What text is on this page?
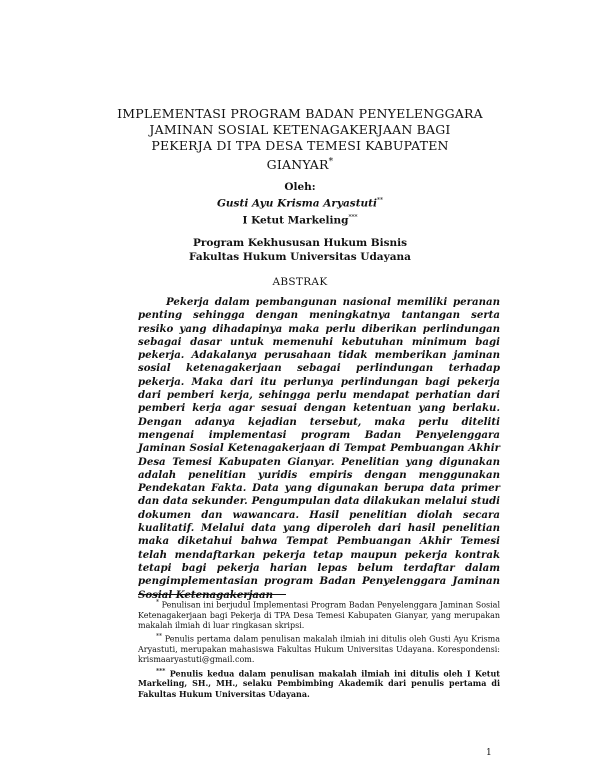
IMPLEMENTASI PROGRAM BADAN PENYELENGGARA
JAMINAN SOSIAL KETENAGAKERJAAN BAGI
PEKERJA DI TPA DESA TEMESI KABUPATEN
GIANYAR*
Oleh:
Gusti Ayu Krisma Aryastuti**
I Ketut Markeling***
Program Kekhususan Hukum Bisnis
Fakultas Hukum Universitas Udayana
ABSTRAK

Pekerja dalam pembangunan nasional memiliki peranan penting sehingga dengan meningkatnya tantangan serta resiko yang dihadapinya maka perlu diberikan perlindungan sebagai dasar untuk memenuhi kebutuhan minimum bagi pekerja. Adakalanya perusahaan tidak memberikan jaminan sosial ketenagakerjaan sebagai perlindungan terhadap pekerja. Maka dari itu perlunya perlindungan bagi pekerja dari pemberi kerja, sehingga perlu mendapat perhatian dari pemberi kerja agar sesuai dengan ketentuan yang berlaku. Dengan adanya kejadian tersebut, maka perlu diteliti mengenai implementasi program Badan Penyelenggara Jaminan Sosial Ketenagakerjaan di Tempat Pembuangan Akhir Desa Temesi Kabupaten Gianyar. Penelitian yang digunakan adalah penelitian yuridis empiris dengan menggunakan Pendekatan Fakta. Data yang digunakan berupa data primer dan data sekunder. Pengumpulan data dilakukan melalui studi dokumen dan wawancara. Hasil penelitian diolah secara kualitatif. Melalui data yang diperoleh dari hasil penelitian maka diketahui bahwa Tempat Pembuangan Akhir Temesi telah mendaftarkan pekerja tetap maupun pekerja kontrak tetapi bagi pekerja harian lepas belum terdaftar dalam pengimplementasian program Badan Penyelenggara Jaminan Sosial Ketenagakerjaan

* Penulisan ini berjudul Implementasi Program Badan Penyelenggara Jaminan Sosial Ketenagakerjaan bagi Pekerja di TPA Desa Temesi Kabupaten Gianyar, yang merupakan makalah ilmiah di luar ringkasan skripsi.

** Penulis pertama dalam penulisan makalah ilmiah ini ditulis oleh Gusti Ayu Krisma Aryastuti, merupakan mahasiswa Fakultas Hukum Universitas Udayana. Korespondensi: krismaaryastuti@gmail.com.

*** Penulis kedua dalam penulisan makalah ilmiah ini ditulis oleh I Ketut Markeling, SH., MH., selaku Pembimbing Akademik dari penulis pertama di Fakultas Hukum Universitas Udayana.

1
